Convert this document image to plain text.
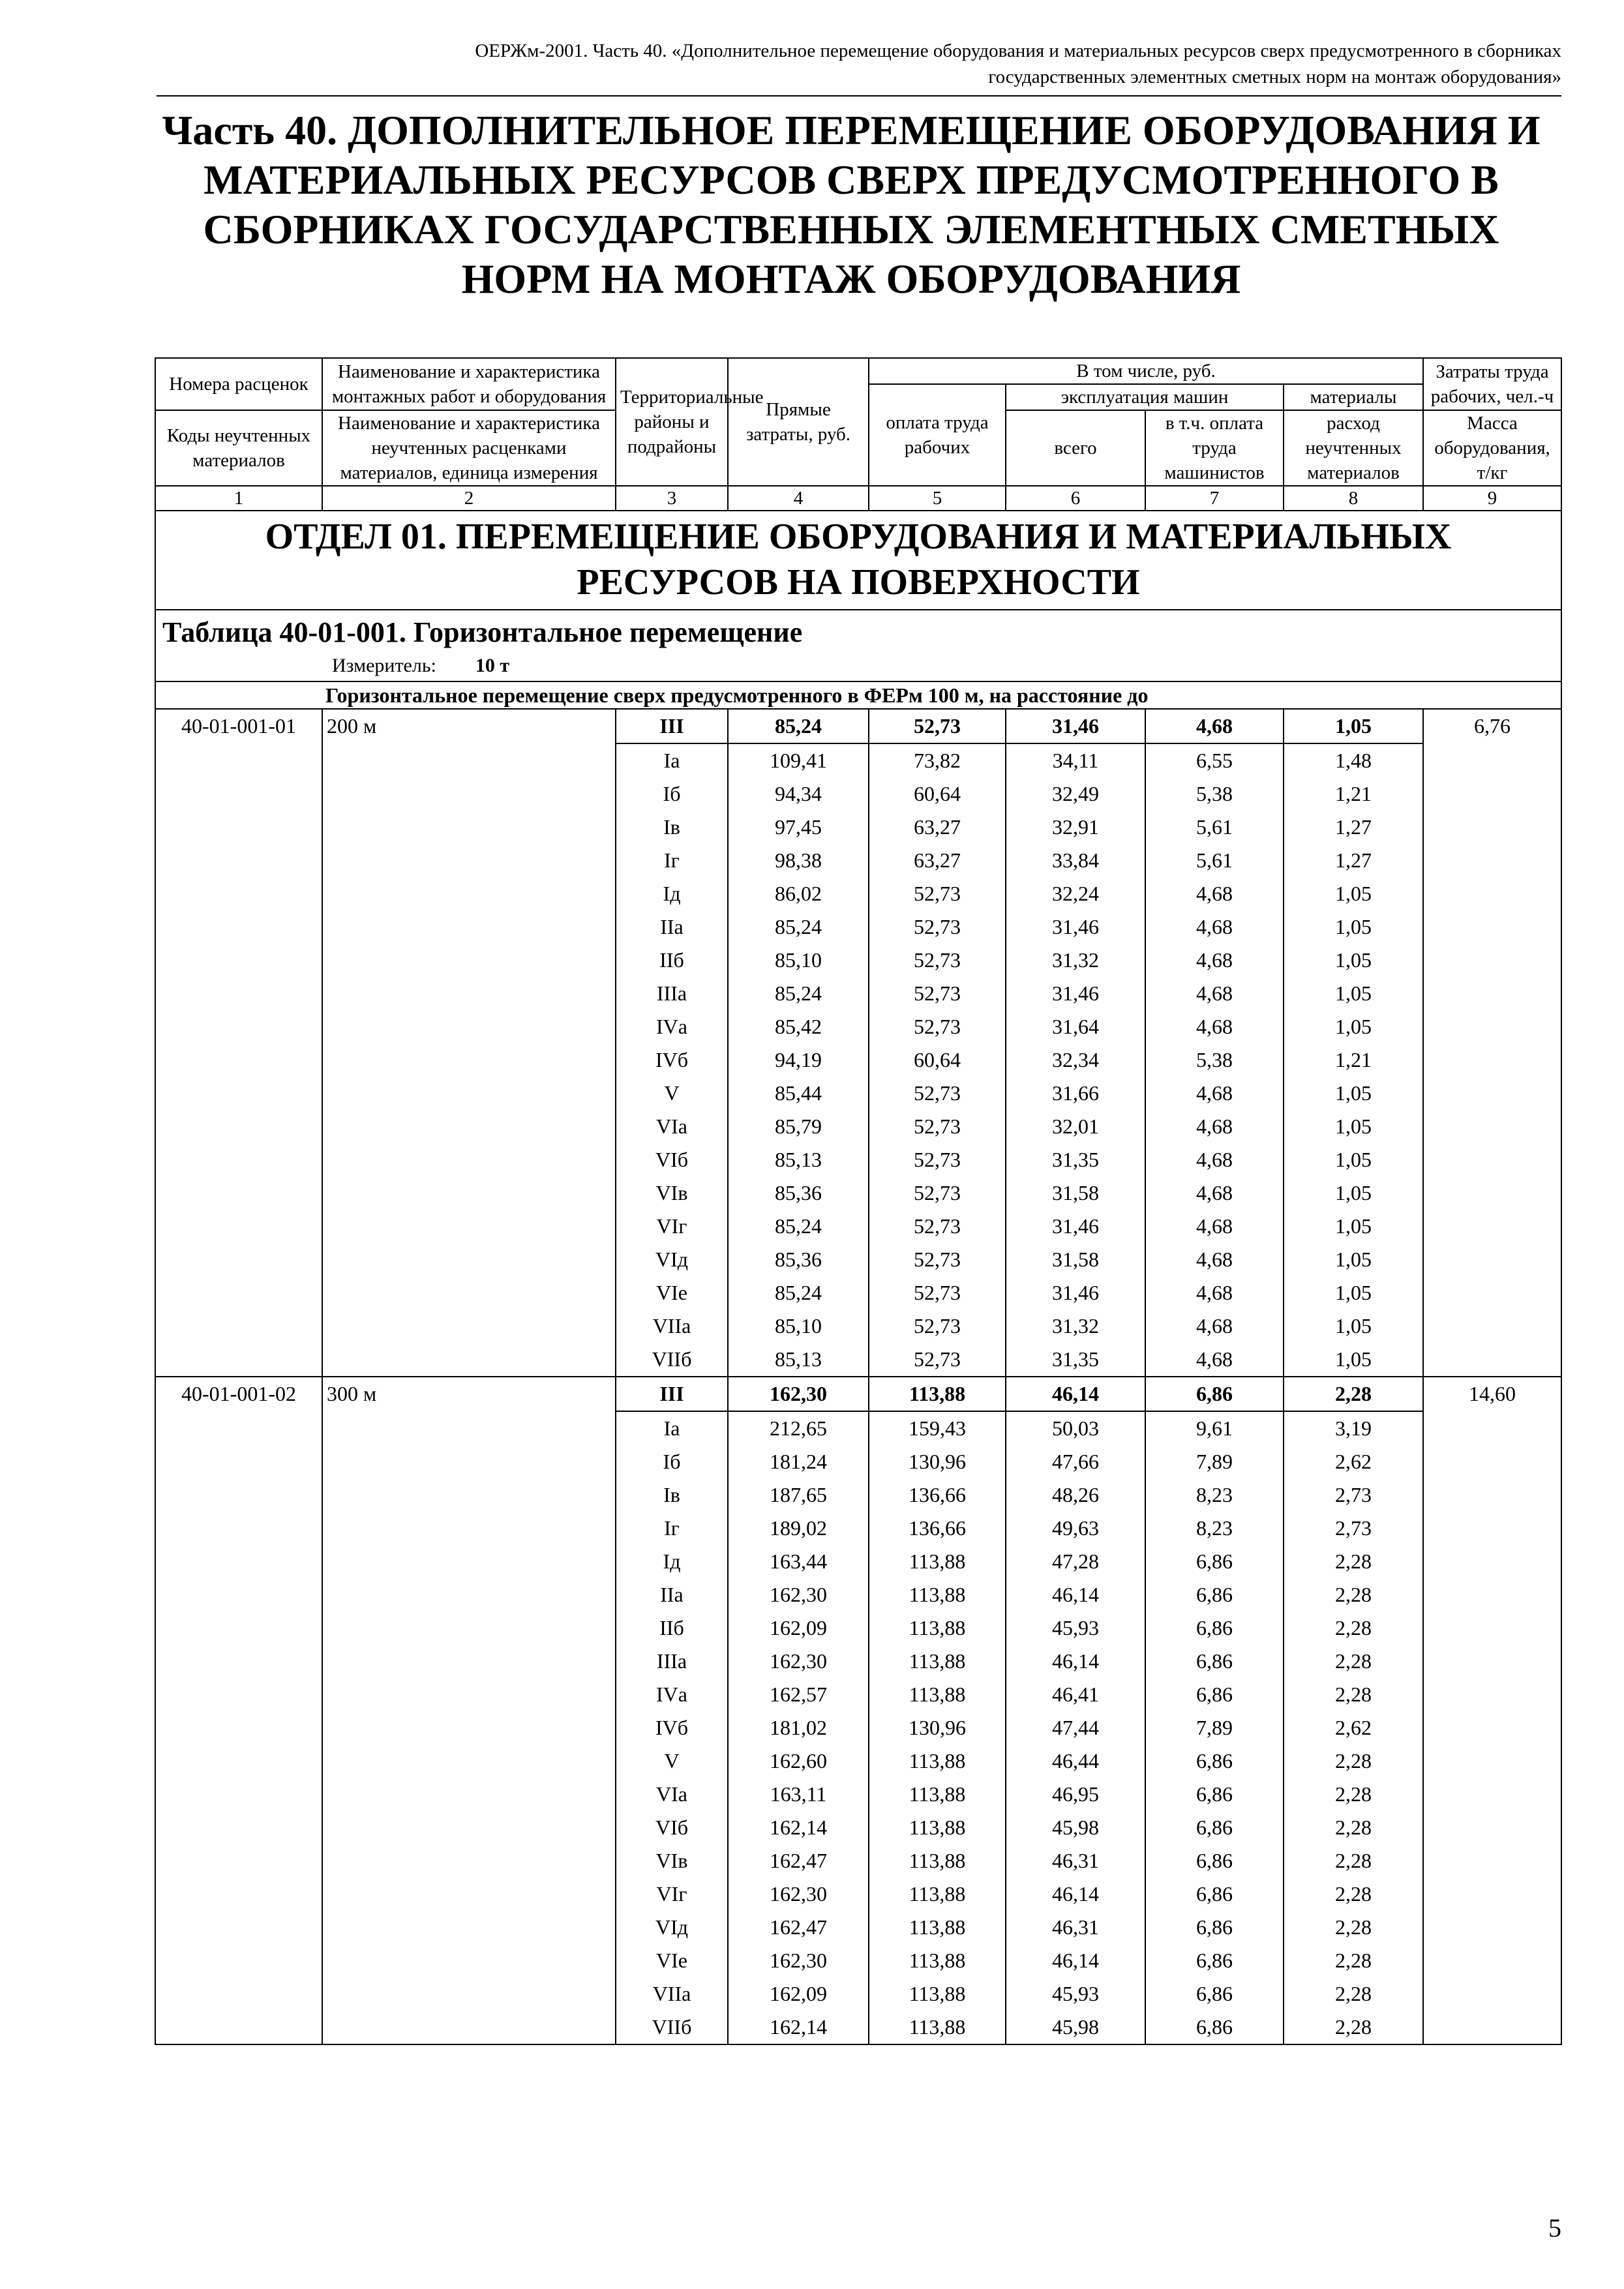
ОЕРЖм-2001. Часть 40. «Дополнительное перемещение оборудования и материальных ресурсов сверх предусмотренного в сборниках
государственных элементных сметных норм на монтаж оборудования»
Часть 40. ДОПОЛНИТЕЛЬНОЕ ПЕРЕМЕЩЕНИЕ ОБОРУДОВАНИЯ И МАТЕРИАЛЬНЫХ РЕСУРСОВ СВЕРХ ПРЕДУСМОТРЕННОГО В СБОРНИКАХ ГОСУДАРСТВЕННЫХ ЭЛЕМЕНТНЫХ СМЕТНЫХ НОРМ НА МОНТАЖ ОБОРУДОВАНИЯ
Номера расценок	Наименование и характеристика монтажных работ и оборудования	Территориальные районы и подрайоны	Прямые затраты, руб.	В том числе, руб.				Затраты труда рабочих, чел.-ч
				оплата труда рабочих	эксплуатация машин		материалы	
Коды неучтенных материалов	Наименование и характеристика неучтенных расценками материалов, единица измерения				всего	в т.ч. оплата труда машинистов	расход неучтенных материалов	
								Масса оборудования, т/кг
1	2	3	4	5	6	7	8	9
ОТДЕЛ 01. ПЕРЕМЕЩЕНИЕ ОБОРУДОВАНИЯ И МАТЕРИАЛЬНЫХ РЕСУРСОВ НА ПОВЕРХНОСТИ								

Таблица 40-01-001. Горизонтальное перемещение
Измеритель: 10 т								

Горизонтальное перемещение сверх предусмотренного в ФЕРм 100 м, на расстояние до								
40-01-001-01	200 м	III	85,24	52,73	31,46	4,68	1,05	6,76
		Iа	109,41	73,82	34,11	6,55	1,48	
		Iб	94,34	60,64	32,49	5,38	1,21	
		Iв	97,45	63,27	32,91	5,61	1,27	
		Iг	98,38	63,27	33,84	5,61	1,27	
		Iд	86,02	52,73	32,24	4,68	1,05	
		IIа	85,24	52,73	31,46	4,68	1,05	
		IIб	85,10	52,73	31,32	4,68	1,05	
		IIIа	85,24	52,73	31,46	4,68	1,05	
		IVа	85,42	52,73	31,64	4,68	1,05	
		IVб	94,19	60,64	32,34	5,38	1,21	
		V	85,44	52,73	31,66	4,68	1,05	
		VIа	85,79	52,73	32,01	4,68	1,05	
		VIб	85,13	52,73	31,35	4,68	1,05	
		VIв	85,36	52,73	31,58	4,68	1,05	
		VIг	85,24	52,73	31,46	4,68	1,05	
		VIд	85,36	52,73	31,58	4,68	1,05	
		VIе	85,24	52,73	31,46	4,68	1,05	
		VIIа	85,10	52,73	31,32	4,68	1,05	
		VIIб	85,13	52,73	31,35	4,68	1,05	
40-01-001-02	300 м	III	162,30	113,88	46,14	6,86	2,28	14,60
		Iа	212,65	159,43	50,03	9,61	3,19	
		Iб	181,24	130,96	47,66	7,89	2,62	
		Iв	187,65	136,66	48,26	8,23	2,73	
		Iг	189,02	136,66	49,63	8,23	2,73	
		Iд	163,44	113,88	47,28	6,86	2,28	
		IIа	162,30	113,88	46,14	6,86	2,28	
		IIб	162,09	113,88	45,93	6,86	2,28	
		IIIа	162,30	113,88	46,14	6,86	2,28	
		IVа	162,57	113,88	46,41	6,86	2,28	
		IVб	181,02	130,96	47,44	7,89	2,62	
		V	162,60	113,88	46,44	6,86	2,28	
		VIа	163,11	113,88	46,95	6,86	2,28	
		VIб	162,14	113,88	45,98	6,86	2,28	
		VIв	162,47	113,88	46,31	6,86	2,28	
		VIг	162,30	113,88	46,14	6,86	2,28	
		VIд	162,47	113,88	46,31	6,86	2,28	
		VIе	162,30	113,88	46,14	6,86	2,28	
		VIIа	162,09	113,88	45,93	6,86	2,28	
		VIIб	162,14	113,88	45,98	6,86	2,28	
5
